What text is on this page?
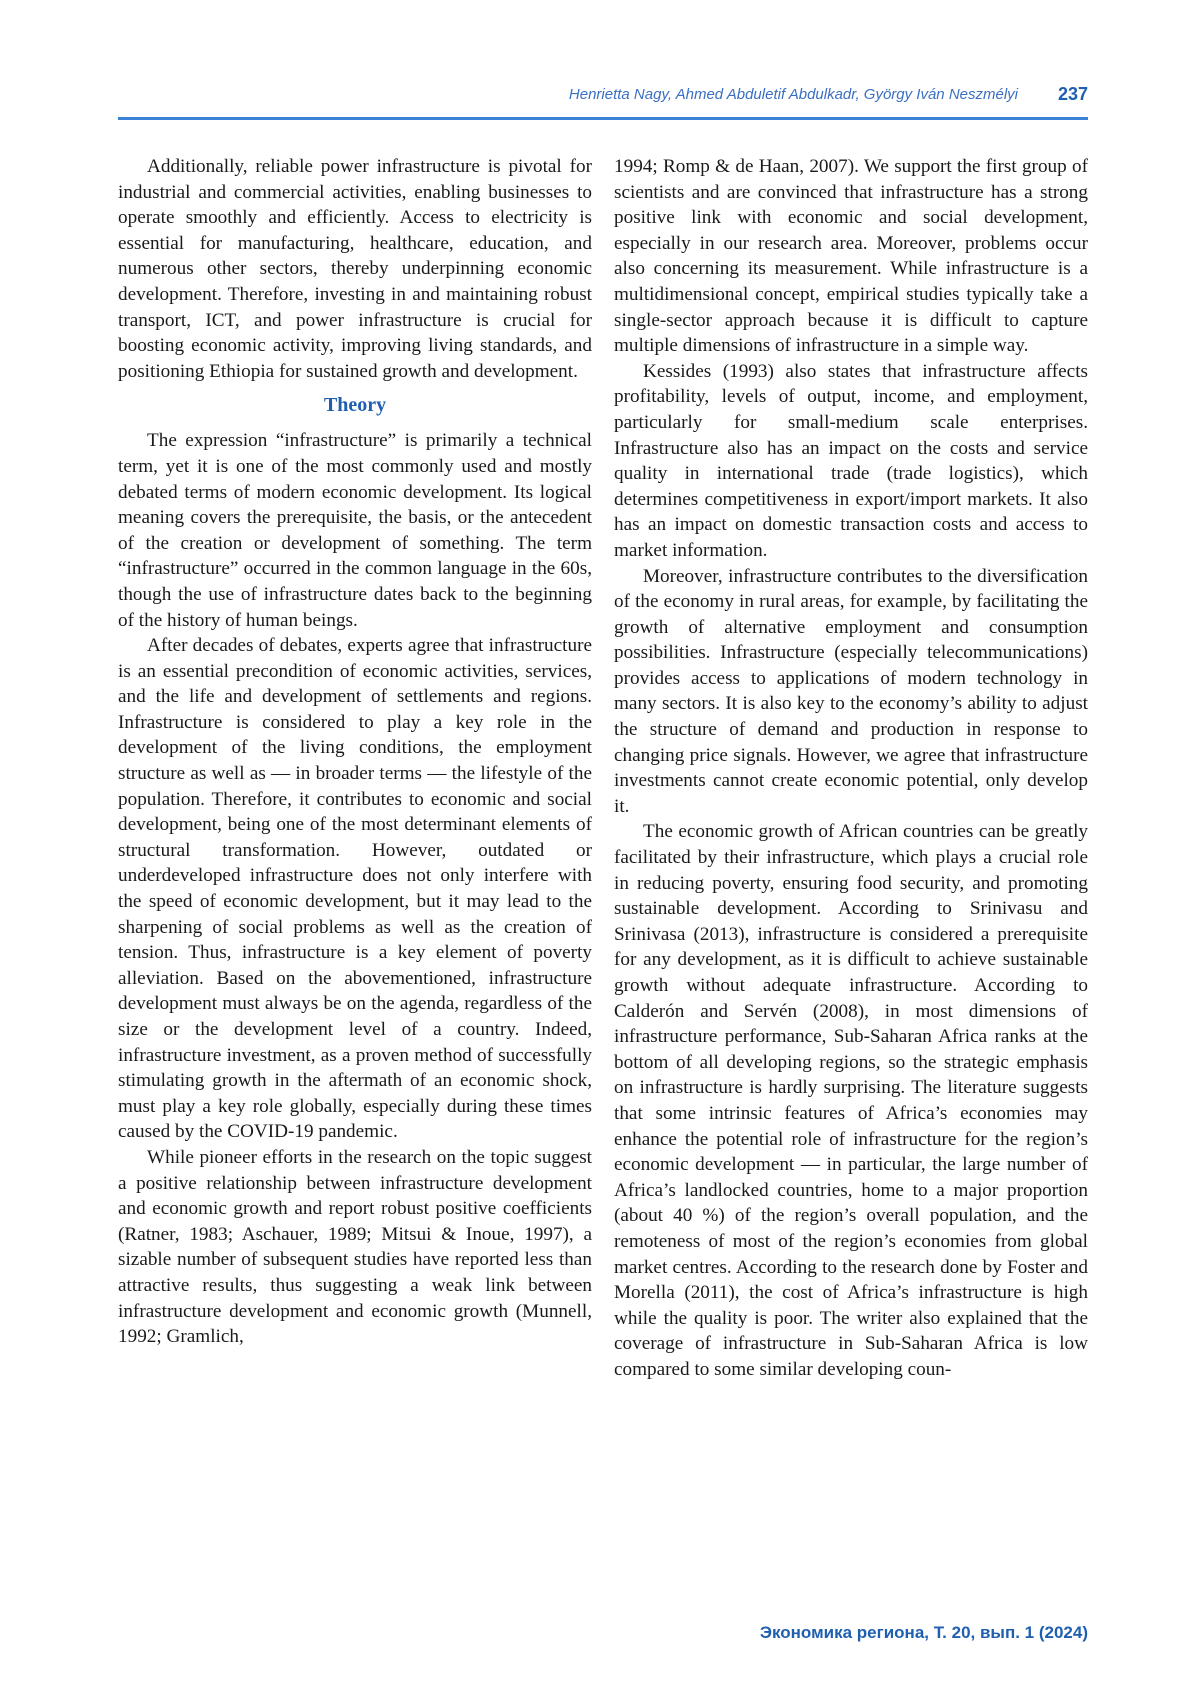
Henrietta Nagy, Ahmed Abduletif Abdulkadr, György Iván Neszmélyi 237

Additionally, reliable power infrastructure is pivotal for industrial and commercial activities, enabling businesses to operate smoothly and efficiently. Access to electricity is essential for manufacturing, healthcare, education, and numerous other sectors, thereby underpinning economic development. Therefore, investing in and maintaining robust transport, ICT, and power infrastructure is crucial for boosting economic activity, improving living standards, and positioning Ethiopia for sustained growth and development.

Theory

The expression “infrastructure” is primarily a technical term, yet it is one of the most commonly used and mostly debated terms of modern economic development. Its logical meaning covers the prerequisite, the basis, or the antecedent of the creation or development of something. The term “infrastructure” occurred in the common language in the 60s, though the use of infrastructure dates back to the beginning of the history of human beings.

After decades of debates, experts agree that infrastructure is an essential precondition of economic activities, services, and the life and development of settlements and regions. Infrastructure is considered to play a key role in the development of the living conditions, the employment structure as well as — in broader terms — the lifestyle of the population. Therefore, it contributes to economic and social development, being one of the most determinant elements of structural transformation. However, outdated or underdeveloped infrastructure does not only interfere with the speed of economic development, but it may lead to the sharpening of social problems as well as the creation of tension. Thus, infrastructure is a key element of poverty alleviation. Based on the abovementioned, infrastructure development must always be on the agenda, regardless of the size or the development level of a country. Indeed, infrastructure investment, as a proven method of successfully stimulating growth in the aftermath of an economic shock, must play a key role globally, especially during these times caused by the COVID-19 pandemic.

While pioneer efforts in the research on the topic suggest a positive relationship between infrastructure development and economic growth and report robust positive coefficients (Ratner, 1983; Aschauer, 1989; Mitsui & Inoue, 1997), a sizable number of subsequent studies have reported less than attractive results, thus suggesting a weak link between infrastructure development and economic growth (Munnell, 1992; Gramlich,

1994; Romp & de Haan, 2007). We support the first group of scientists and are convinced that infrastructure has a strong positive link with economic and social development, especially in our research area. Moreover, problems occur also concerning its measurement. While infrastructure is a multidimensional concept, empirical studies typically take a single-sector approach because it is difficult to capture multiple dimensions of infrastructure in a simple way.

Kessides (1993) also states that infrastructure affects profitability, levels of output, income, and employment, particularly for small-medium scale enterprises. Infrastructure also has an impact on the costs and service quality in international trade (trade logistics), which determines competitiveness in export/import markets. It also has an impact on domestic transaction costs and access to market information.

Moreover, infrastructure contributes to the diversification of the economy in rural areas, for example, by facilitating the growth of alternative employment and consumption possibilities. Infrastructure (especially telecommunications) provides access to applications of modern technology in many sectors. It is also key to the economy’s ability to adjust the structure of demand and production in response to changing price signals. However, we agree that infrastructure investments cannot create economic potential, only develop it.

The economic growth of African countries can be greatly facilitated by their infrastructure, which plays a crucial role in reducing poverty, ensuring food security, and promoting sustainable development. According to Srinivasu and Srinivasa (2013), infrastructure is considered a prerequisite for any development, as it is difficult to achieve sustainable growth without adequate infrastructure. According to Calderón and Servén (2008), in most dimensions of infrastructure performance, Sub-Saharan Africa ranks at the bottom of all developing regions, so the strategic emphasis on infrastructure is hardly surprising. The literature suggests that some intrinsic features of Africa’s economies may enhance the potential role of infrastructure for the region’s economic development — in particular, the large number of Africa’s landlocked countries, home to a major proportion (about 40 %) of the region’s overall population, and the remoteness of most of the region’s economies from global market centres. According to the research done by Foster and Morella (2011), the cost of Africa’s infrastructure is high while the quality is poor. The writer also explained that the coverage of infrastructure in Sub-Saharan Africa is low compared to some similar developing coun-

Экономика региона, Т. 20, вып. 1 (2024)
